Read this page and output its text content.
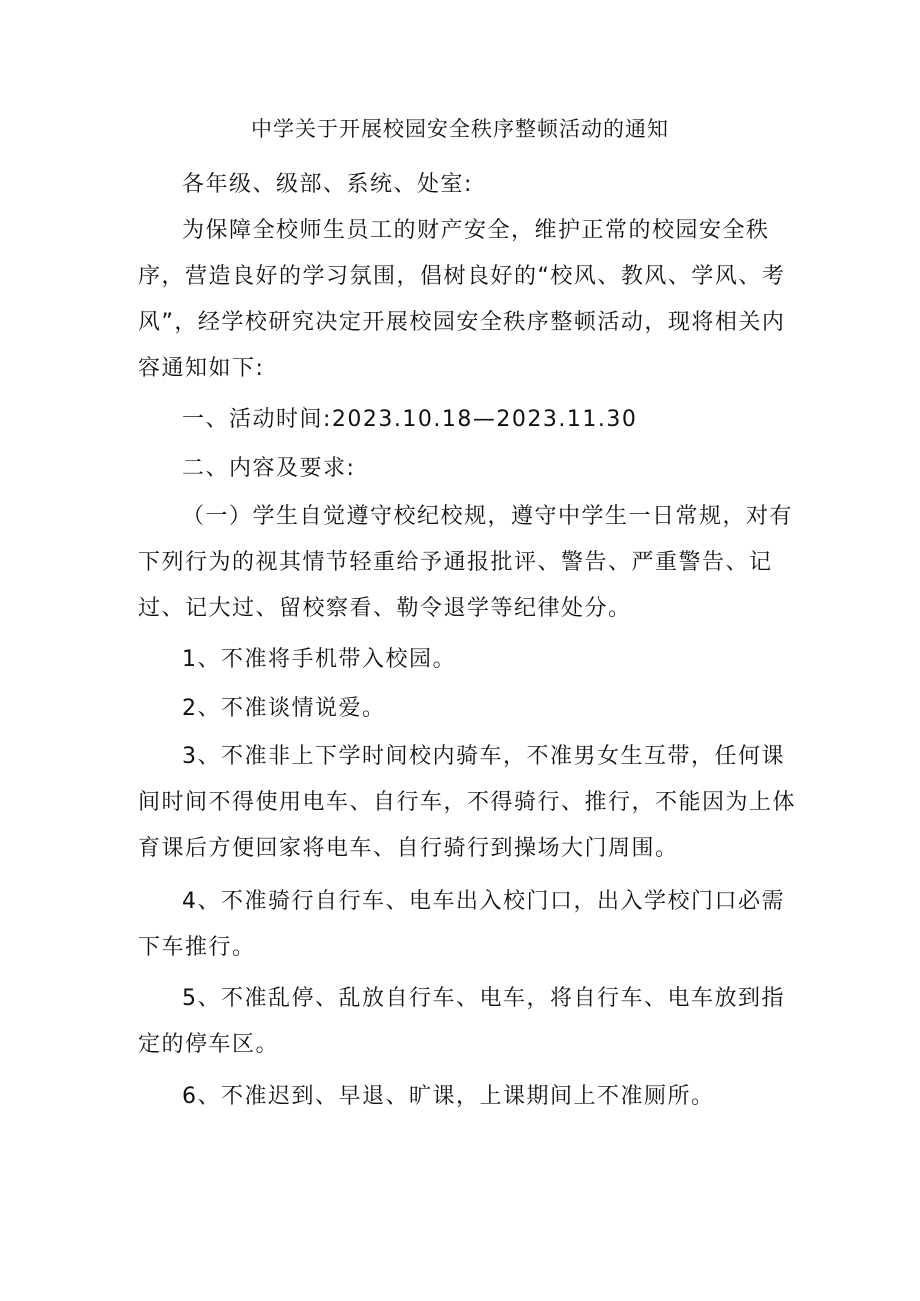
中学关于开展校园安全秩序整顿活动的通知

各年级、级部、系统、处室:

为保障全校师生员工的财产安全，维护正常的校园安全秩序，营造良好的学习氛围，倡树良好的“校风、教风、学风、考风”，经学校研究决定开展校园安全秩序整顿活动，现将相关内容通知如下:

一、活动时间:2023.10.18—2023.11.30

二、内容及要求:

（一）学生自觉遵守校纪校规，遵守中学生一日常规，对有下列行为的视其情节轻重给予通报批评、警告、严重警告、记过、记大过、留校察看、勒令退学等纪律处分。

1、不准将手机带入校园。

2、不准谈情说爱。

3、不准非上下学时间校内骑车，不准男女生互带，任何课间时间不得使用电车、自行车，不得骑行、推行，不能因为上体育课后方便回家将电车、自行骑行到操场大门周围。

4、不准骑行自行车、电车出入校门口，出入学校门口必需下车推行。

5、不准乱停、乱放自行车、电车，将自行车、电车放到指定的停车区。

6、不准迟到、早退、旷课，上课期间上不准厕所。
